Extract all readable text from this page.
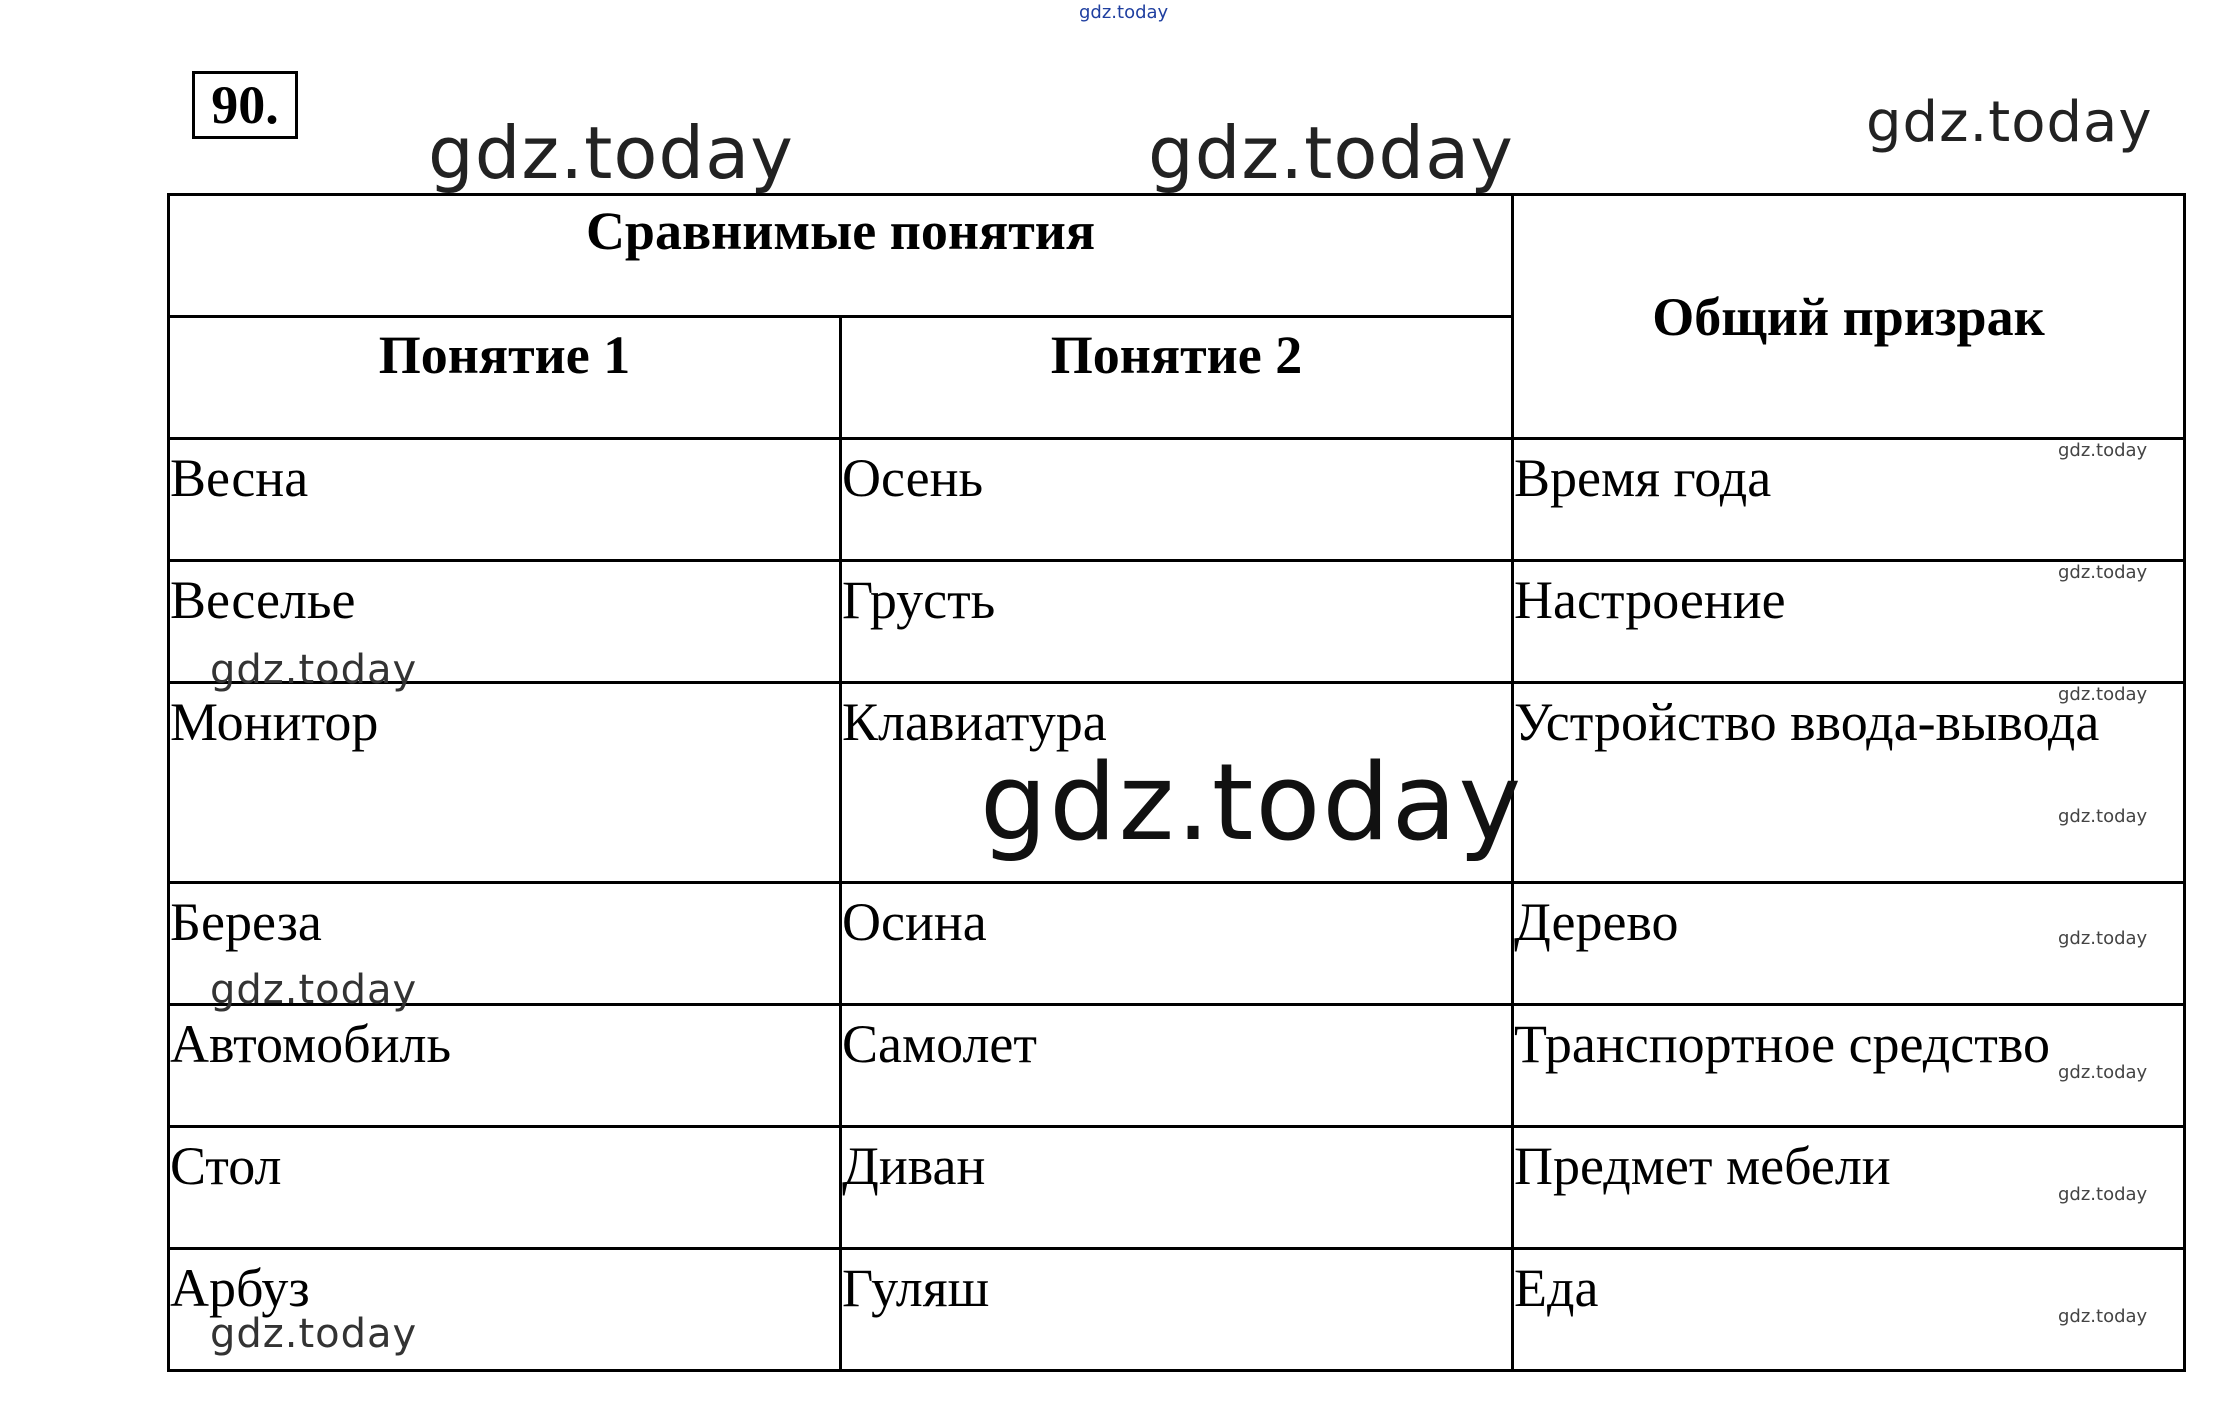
gdz.today
90.
gdz.today	gdz.today	gdz.today
Сравнимые понятия		Общий призрак

Понятие 1	Понятие 2	

Весна	Осень	Время года
Веселье	Грусть	Настроение
Монитор	Клавиатура	Устройство ввода-вывода
Береза	Осина	Дерево
Автомобиль	Самолет	Транспортное средство
Стол	Диван	Предмет мебели
Арбуз	Гуляш	Еда
gdz.today
gdz.today
gdz.today
gdz.today
gdz.today
gdz.today
gdz.today
gdz.today
gdz.today
gdz.today
gdz.today
gdz.today
